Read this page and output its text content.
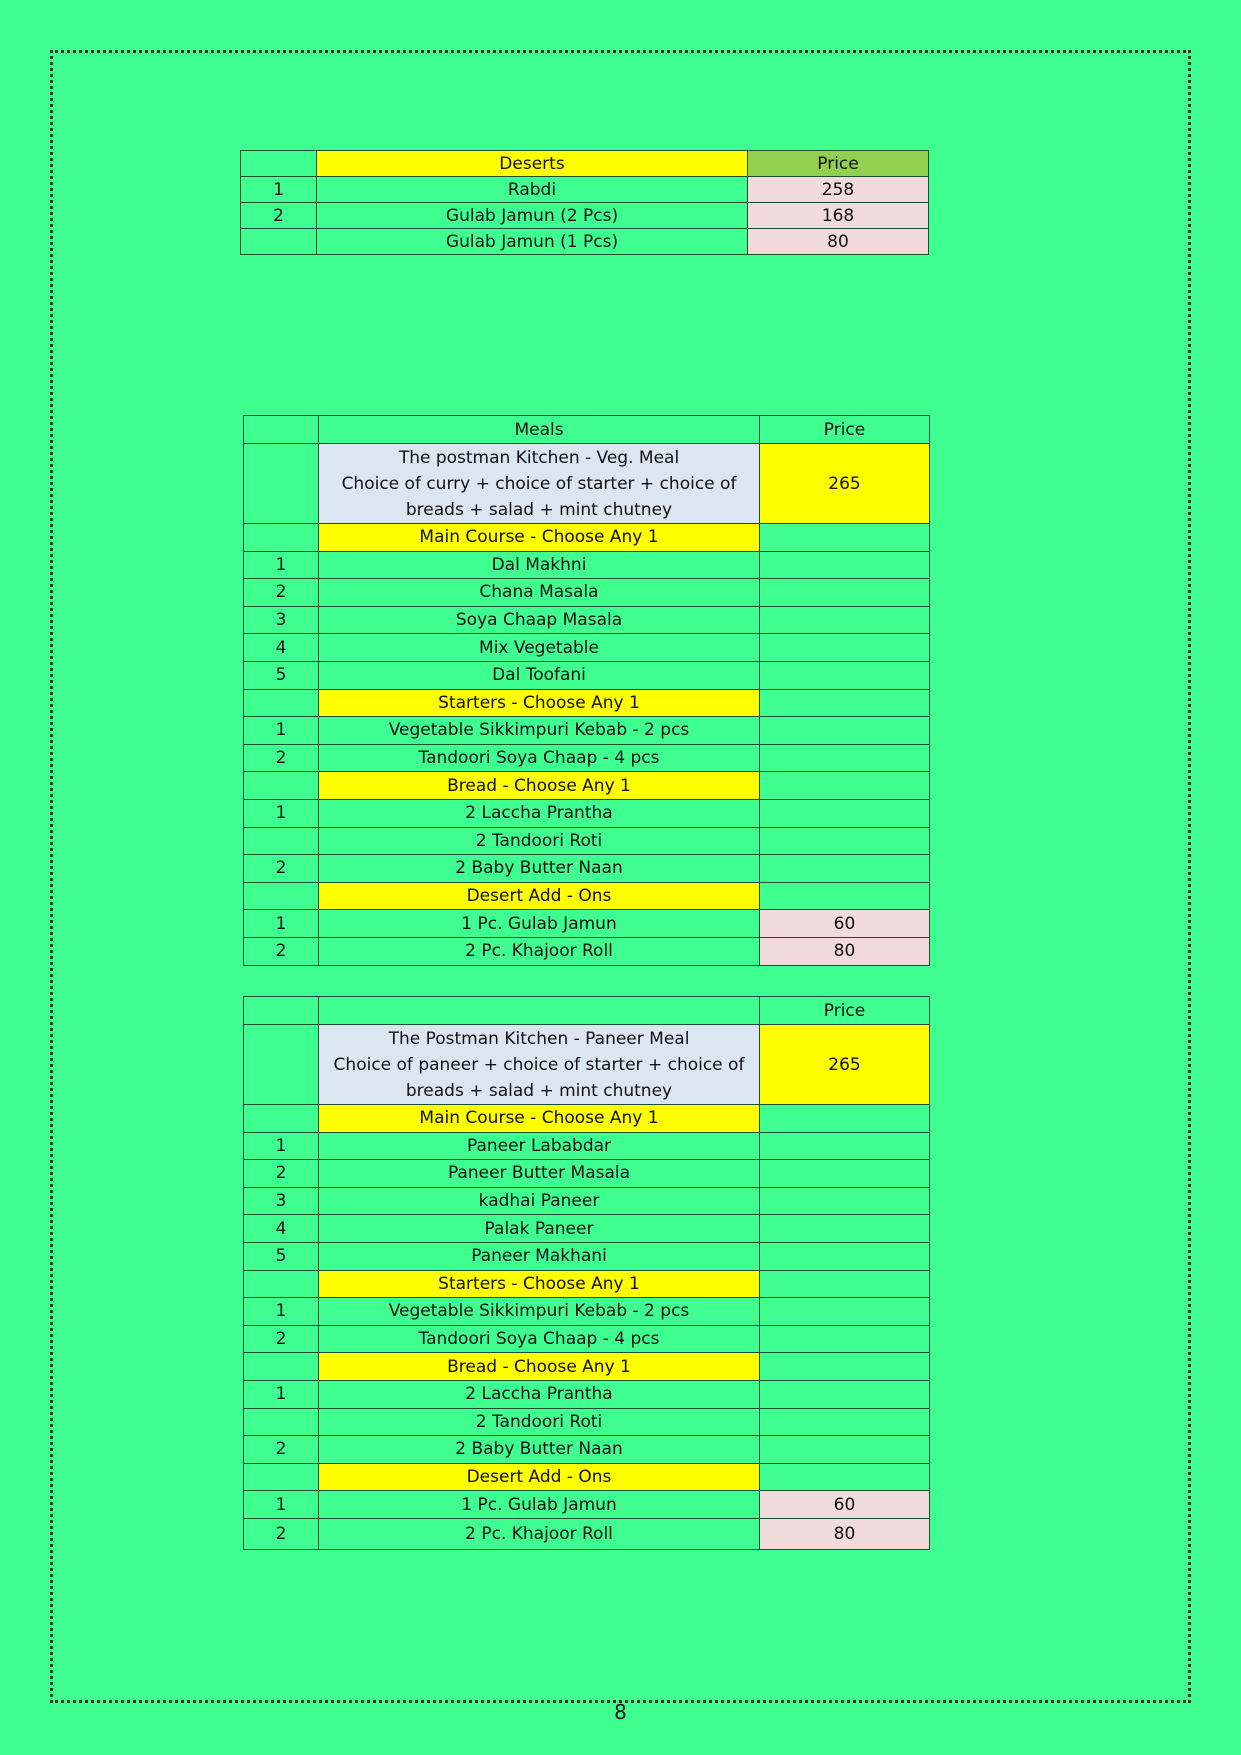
	Deserts	Price
1	Rabdi	258
2	Gulab Jamun (2 Pcs)	168
	Gulab Jamun (1 Pcs)	80
	Meals	Price

	The postman Kitchen - Veg. Meal
Choice of curry + choice of starter + choice of
breads + salad + mint chutney	265
	Main Course - Choose Any 1	
1	Dal Makhni	
2	Chana Masala	
3	Soya Chaap Masala	
4	Mix Vegetable	
5	Dal Toofani	
	Starters - Choose Any 1	
1	Vegetable Sikkimpuri Kebab - 2 pcs	
2	Tandoori Soya Chaap - 4 pcs	
	Bread - Choose Any 1	
1	2 Laccha Prantha	
	2 Tandoori Roti	
2	2 Baby Butter Naan	
	Desert Add - Ons	
1	1 Pc. Gulab Jamun	60
2	2 Pc. Khajoor Roll	80
		Price

	The Postman Kitchen - Paneer Meal
Choice of paneer + choice of starter + choice of
breads + salad + mint chutney	265
	Main Course - Choose Any 1	
1	Paneer Lababdar	
2	Paneer Butter Masala	
3	kadhai Paneer	
4	Palak Paneer	
5	Paneer Makhani	
	Starters - Choose Any 1	
1	Vegetable Sikkimpuri Kebab - 2 pcs	
2	Tandoori Soya Chaap - 4 pcs	
	Bread - Choose Any 1	
1	2 Laccha Prantha	
	2 Tandoori Roti	
2	2 Baby Butter Naan	
	Desert Add - Ons	
1	1 Pc. Gulab Jamun	60
2	2 Pc. Khajoor Roll	80
8
